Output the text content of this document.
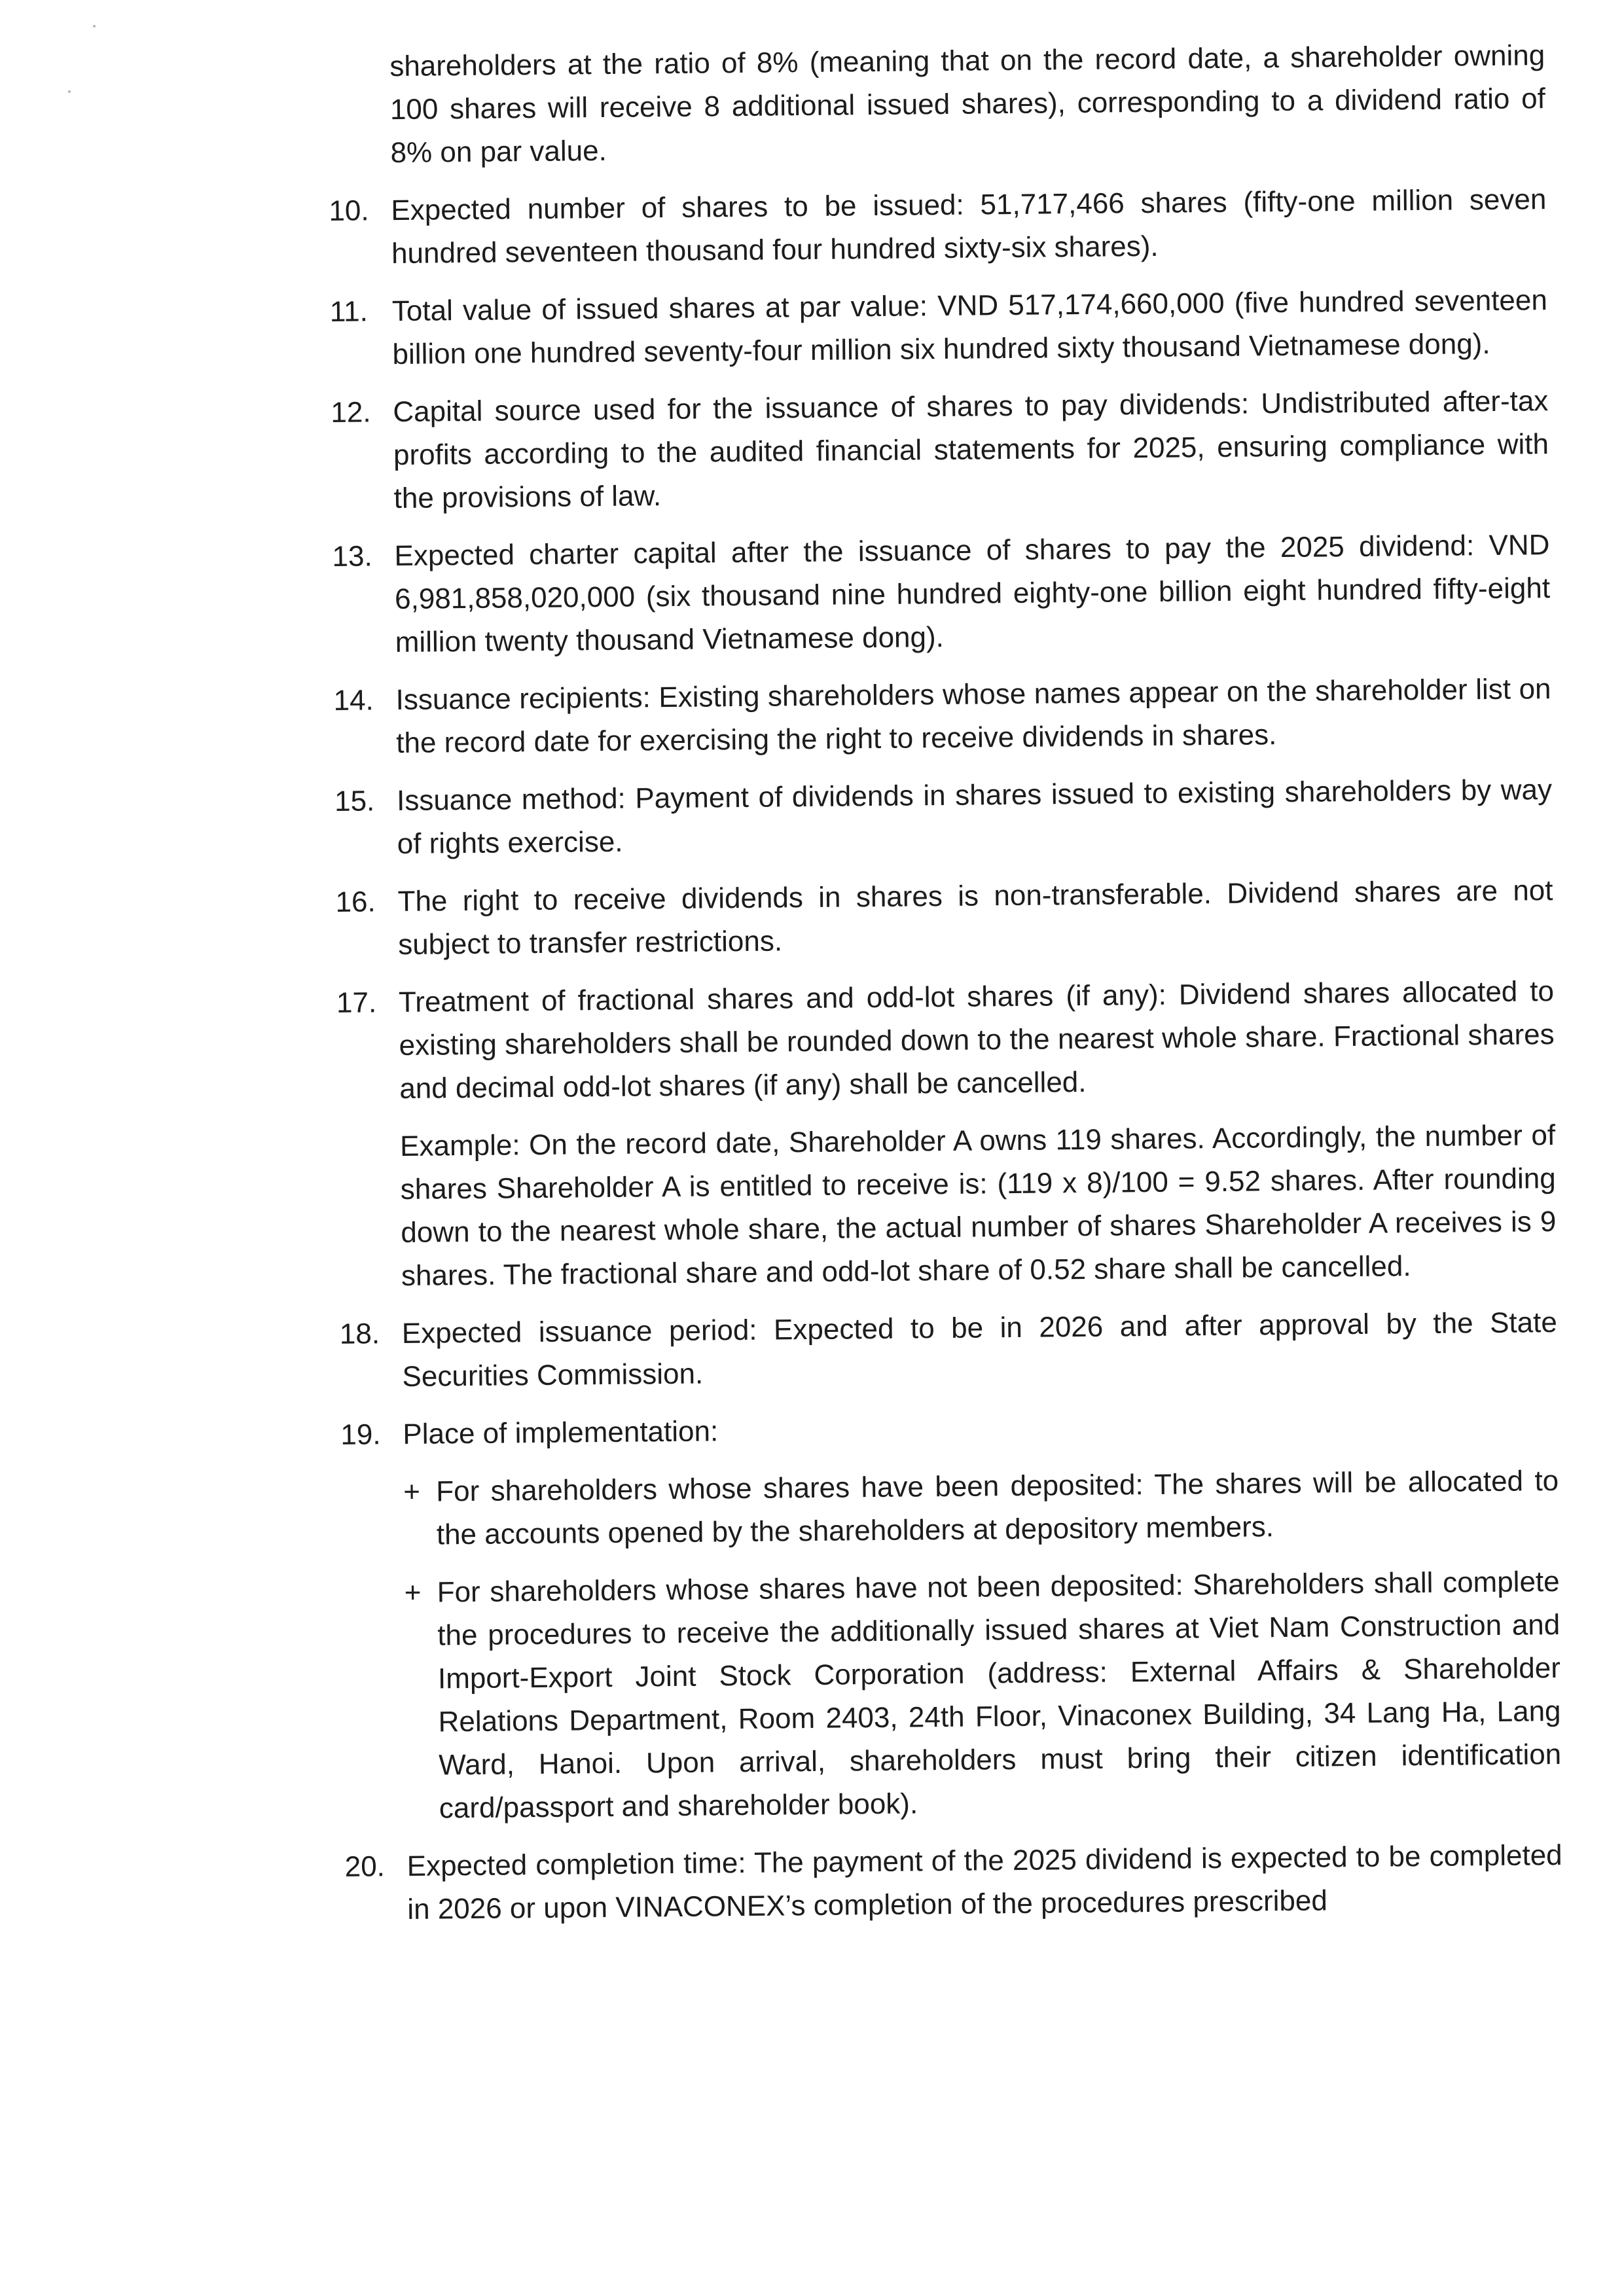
shareholders at the ratio of 8% (meaning that on the record date, a shareholder owning 100 shares will receive 8 additional issued shares), corresponding to a dividend ratio of 8% on par value.

10. Expected number of shares to be issued: 51,717,466 shares (fifty-one million seven hundred seventeen thousand four hundred sixty-six shares).
11. Total value of issued shares at par value: VND 517,174,660,000 (five hundred seventeen billion one hundred seventy-four million six hundred sixty thousand Vietnamese dong).
12. Capital source used for the issuance of shares to pay dividends: Undistributed after-tax profits according to the audited financial statements for 2025, ensuring compliance with the provisions of law.
13. Expected charter capital after the issuance of shares to pay the 2025 dividend: VND 6,981,858,020,000 (six thousand nine hundred eighty-one billion eight hundred fifty-eight million twenty thousand Vietnamese dong).
14. Issuance recipients: Existing shareholders whose names appear on the shareholder list on the record date for exercising the right to receive dividends in shares.
15. Issuance method: Payment of dividends in shares issued to existing shareholders by way of rights exercise.
16. The right to receive dividends in shares is non-transferable. Dividend shares are not subject to transfer restrictions.
17. Treatment of fractional shares and odd-lot shares (if any): Dividend shares allocated to existing shareholders shall be rounded down to the nearest whole share. Fractional shares and decimal odd-lot shares (if any) shall be cancelled.
Example: On the record date, Shareholder A owns 119 shares. Accordingly, the number of shares Shareholder A is entitled to receive is: (119 x 8)/100 = 9.52 shares. After rounding down to the nearest whole share, the actual number of shares Shareholder A receives is 9 shares. The fractional share and odd-lot share of 0.52 share shall be cancelled.
18. Expected issuance period: Expected to be in 2026 and after approval by the State Securities Commission.
19. Place of implementation:
+ For shareholders whose shares have been deposited: The shares will be allocated to the accounts opened by the shareholders at depository members.
+ For shareholders whose shares have not been deposited: Shareholders shall complete the procedures to receive the additionally issued shares at Viet Nam Construction and Import-Export Joint Stock Corporation (address: External Affairs & Shareholder Relations Department, Room 2403, 24th Floor, Vinaconex Building, 34 Lang Ha, Lang Ward, Hanoi. Upon arrival, shareholders must bring their citizen identification card/passport and shareholder book).
20. Expected completion time: The payment of the 2025 dividend is expected to be completed in 2026 or upon VINACONEX’s completion of the procedures prescribed
